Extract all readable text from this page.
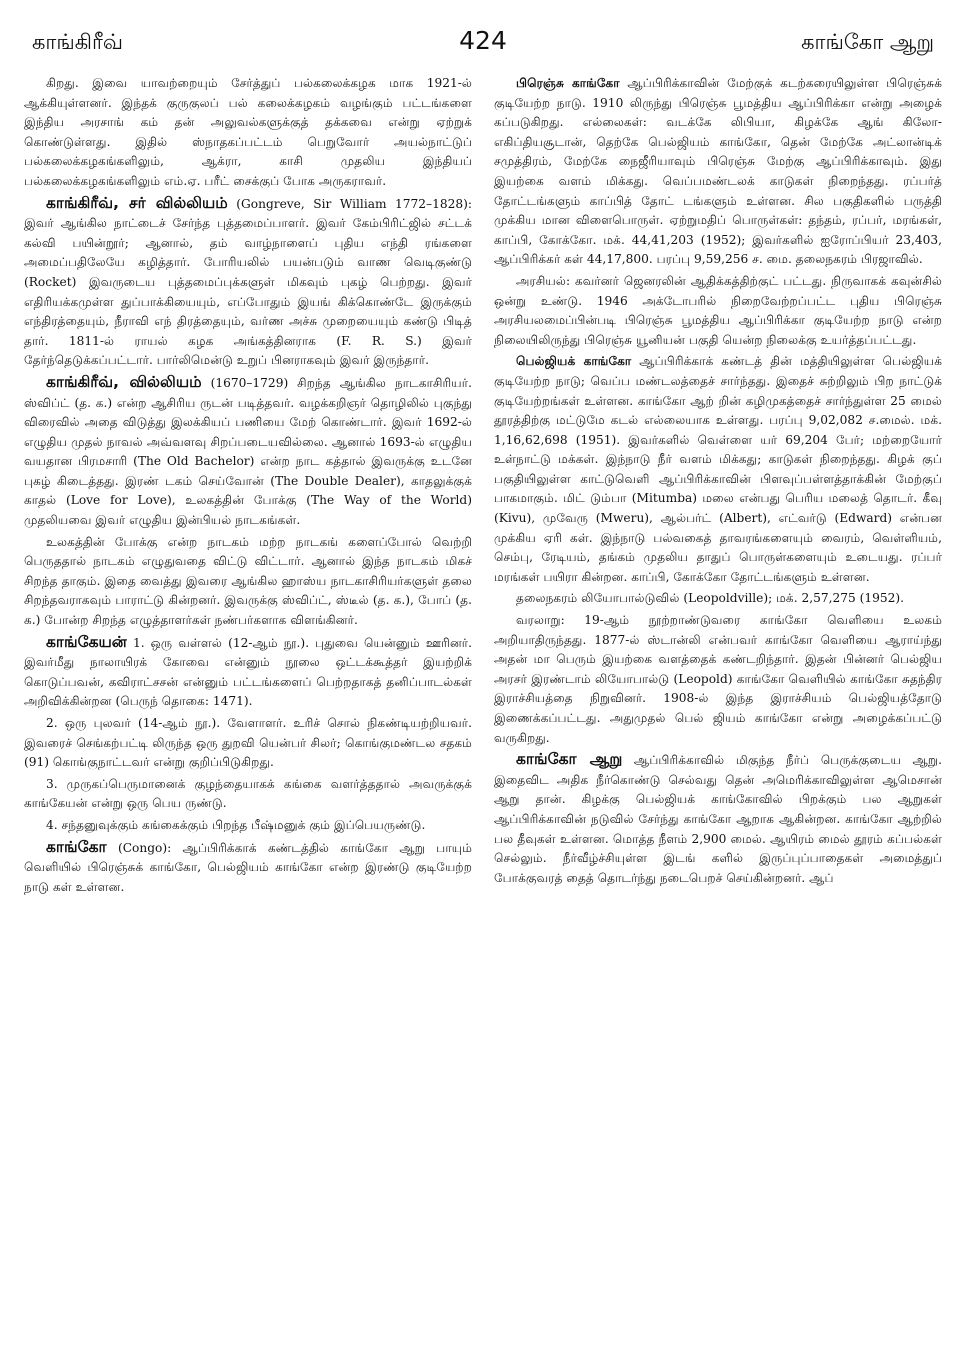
காங்கிரீவ்	424	காங்கோ ஆறு

கிறது. இவை யாவற்றையும் சேர்த்துப் பல்கலைக்கழக மாக 1921-ல் ஆக்கியுள்ளனர். இந்தக் குருகுலப் பல் கலைக்கழகம் வழங்கும் பட்டங்களை இந்திய அரசாங் கம் தன் அலுவல்களுக்குத் தக்கவை என்று ஏற்றுக் கொண்டுள்ளது. இதில் ஸ்நாதகப்பட்டம் பெறுவோர் அயல்நாட்டுப் பல்கலைக்கழகங்களிலும், ஆக்ரா, காசி முதலிய இந்தியப் பல்கலைக்கழகங்களிலும் எம்.ஏ. பரீட் சைக்குப் போக அருகராவர்.

காங்கிரீவ், சர் வில்லியம் (Gongreve, Sir William 1772–1828): இவர் ஆங்கில நாட்டைச் சேர்ந்த புத்தமைப்பாளர். இவர் கேம்பிரிட்ஜில் சட்டக் கல்வி பயின்றூர்; ஆனால், தம் வாழ்நாளைப் புதிய எந்தி ரங்களை அமைப்பதிலேயே கழித்தார். போரியலில் பயன்படும் வாண வெடிகுண்டு (Rocket) இவருடைய புத்தமைப்புக்களுள் மிகவும் புகழ் பெற்றது. இவர் எதிரியக்கமுள்ள துப்பாக்கியையும், எப்போதும் இயங் கிக்கொண்டே இருக்கும் எந்திரத்தையும், நீராவி எந் திரத்தையும், வர்ண அச்சு முறையையும் கண்டு பிடித் தார். 1811-ல் ராயல் கழக அங்கத்தினராக (F. R. S.) இவர் தேர்ந்தெடுக்கப்பட்டார். பார்லிமென்டு உறுப் பினராகவும் இவர் இருந்தார்.

காங்கிரீவ், வில்லியம் (1670–1729) சிறந்த ஆங்கில நாடகாசிரியர். ஸ்விப்ட் (த. க.) என்ற ஆசிரிய ருடன் படித்தவர். வழக்கறிஞர் தொழிலில் புகுந்து விரைவில் அதை விடுத்து இலக்கியப் பணியை மேற் கொண்டார். இவர் 1692-ல் எழுதிய முதல் நாவல் அவ்வளவு சிறப்படையவில்லை. ஆனால் 1693-ல் எழுதிய வயதான பிரமசாரி (The Old Bachelor) என்ற நாட கத்தால் இவருக்கு உடனே புகழ் கிடைத்தது. இரண் டகம் செய்வோன் (The Double Dealer), காதலுக்குக் காதல் (Love for Love), உலகத்தின் போக்கு (The Way of the World) முதலியவை இவர் எழுதிய இன்பியல் நாடகங்கள்.

உலகத்தின் போக்கு என்ற நாடகம் மற்ற நாடகங் களைப்போல் வெற்றி பெருததால் நாடகம் எழுதுவதை விட்டு விட்டார். ஆனால் இந்த நாடகம் மிகச் சிறந்த தாகும். இதை வைத்து இவரை ஆங்கில ஹாஸ்ய நாடகாசிரியர்களுள் தலை சிறந்தவராகவும் பாராட்டு கின்றனர். இவருக்கு ஸ்விப்ட், ஸ்டீல் (த. க.), போப் (த. க.) போன்ற சிறந்த எழுத்தாளர்கள் நண்பர்களாக விளங்கினர்.

காங்கேயன் 1. ஒரு வள்ளல் (12-ஆம் நூ.). புதுவை யென்னும் ஊரினர். இவர்மீது நாலாயிரக் கோவை என்னும் நூலை ஒட்டக்கூத்தர் இயற்றிக் கொடுப்பவன், கவிராட்சசன் என்னும் பட்டங்களைப் பெற்றதாகத் தனிப்பாடல்கள் அறிவிக்கின்றன (பெருந் தொகை: 1471).

2. ஒரு புலவர் (14-ஆம் நூ.). வேளாளர். உரிச் சொல் நிகண்டியற்றியவர். இவரைச் செங்கற்பட்டி லிருந்த ஒரு துறவி யென்பர் சிலர்; கொங்குமண்டல சதகம் (91) கொங்குநாட்டவர் என்று குறிப்பிடுகிறது.

3. முருகப்பெருமானைக் குழந்தையாகக் கங்கை வளர்த்ததால் அவருக்குக் காங்கேயன் என்று ஒரு பெய ருண்டு.

4. சந்தனுவுக்கும் கங்கைக்கும் பிறந்த பீஷ்மனுக் கும் இப்பெயருண்டு.

காங்கோ (Congo): ஆப்பிரிக்காக் கண்டத்தில் காங்கோ ஆறு பாயும் வெளியில் பிரெஞ்சுக் காங்கோ, பெல்ஜியம் காங்கோ என்ற இரண்டு குடியேற்ற நாடு கள் உள்ளன.

பிரெஞ்சு காங்கோ ஆப்பிரிக்காவின் மேற்குக் கடற்கரையிலுள்ள பிரெஞ்சுக் குடியேற்ற நாடு. 1910 லிருந்து பிரெஞ்சு பூமத்திய ஆப்பிரிக்கா என்று அழைக் கப்படுகிறது. எல்லைகள்: வடக்கே லிபியா, கிழக்கே ஆங் கிலோ-எகிப்தியசூடான், தெற்கே பெல்ஜியம் காங்கோ, தென் மேற்கே அட்லான்டிக் சமுத்திரம், மேற்கே நைஜீரியாவும் பிரெஞ்சு மேற்கு ஆப்பிரிக்காவும். இது இயற்கை வளம் மிக்கது. வெப்பமண்டலக் காடுகள் நிறைந்தது. ரப்பர்த் தோட்டங்களும் காப்பித் தோட் டங்களும் உள்ளன. சில பகுதிகளில் பருத்தி முக்கிய மான விளைபொருள். ஏற்றுமதிப் பொருள்கள்: தந்தம், ரப்பர், மரங்கள், காப்பி, கோக்கோ. மக். 44,41,203 (1952); இவர்களில் ஐரோப்பியர் 23,403, ஆப்பிரிக்கர் கள் 44,17,800. பரப்பு 9,59,256 ச. மை. தலைநகரம் பிரஜாவில்.

அரசியல்: கவர்னர் ஜெனரலின் ஆதிக்கத்திற்குட் பட்டது. நிருவாகக் கவுன்சில் ஒன்று உண்டு. 1946 அக்டோபரில் நிறைவேற்றப்பட்ட புதிய பிரெஞ்சு அரசியலமைப்பின்படி பிரெஞ்சு பூமத்திய ஆப்பிரிக்கா குடியேற்ற நாடு என்ற நிலையிலிருந்து பிரெஞ்சு யூனியன் பகுதி யென்ற நிலைக்கு உயர்த்தப்பட்டது.

பெல்ஜியக் காங்கோ ஆப்பிரிக்காக் கண்டத் தின் மத்தியிலுள்ள பெல்ஜியக் குடியேற்ற நாடு; வெப்ப மண்டலத்தைச் சார்ந்தது. இதைச் சுற்றிலும் பிற நாட்டுக் குடியேற்றங்கள் உள்ளன. காங்கோ ஆற் றின் கழிமுகத்தைச் சார்ந்துள்ள 25 மைல் தூரத்திற்கு மட்டுமே கடல் எல்லையாக உள்ளது. பரப்பு 9,02,082 ச.மைல். மக். 1,16,62,698 (1951). இவர்களில் வெள்ளை யர் 69,204 பேர்; மற்றையோர் உள்நாட்டு மக்கள். இந்நாடு நீர் வளம் மிக்கது; காடுகள் நிறைந்தது. கிழக் குப் பகுதியிலுள்ள காட்டுவெளி ஆப்பிரிக்காவின் பிளவுப்பள்ளத்தாக்கின் மேற்குப் பாகமாகும். மிட் டும்பா (Mitumba) மலை என்பது பெரிய மலைத் தொடர். கீவு (Kivu), முவேரு (Mweru), ஆல்பர்ட் (Albert), எட்வர்டு (Edward) என்பன முக்கிய ஏரி கள். இந்நாடு பல்வகைத் தாவரங்களையும் வைரம், வெள்ளியம், செம்பு, ரேடியம், தங்கம் முதலிய தாதுப் பொருள்களையும் உடையது. ரப்பர் மரங்கள் பயிரா கின்றன. காப்பி, கோக்கோ தோட்டங்களும் உள்ளன.

தலைநகரம் லியோபால்டுவில் (Leopoldville); மக். 2,57,275 (1952).

வரலாறு: 19-ஆம் நூற்றாண்டுவரை காங்கோ வெளியை உலகம் அறியாதிருந்தது. 1877-ல் ஸ்டான்லி என்பவர் காங்கோ வெளியை ஆராய்ந்து அதன் மா பெரும் இயற்கை வளத்தைக் கண்டறிந்தார். இதன் பின்னர் பெல்ஜிய அரசர் இரண்டாம் லியோபால்டு (Leopold) காங்கோ வெளியில் காங்கோ சுதந்திர இராச்சியத்தை நிறுவினர். 1908-ல் இந்த இராச்சியம் பெல்ஜியத்தோடு இணைக்கப்பட்டது. அதுமுதல் பெல் ஜியம் காங்கோ என்று அழைக்கப்பட்டு வருகிறது.

காங்கோ ஆறு ஆப்பிரிக்காவில் மிகுந்த நீர்ப் பெருக்குடைய ஆறு. இதைவிட அதிக நீர்கொண்டு செல்வது தென் அமெரிக்காவிலுள்ள ஆமெசான் ஆறு தான். கிழக்கு பெல்ஜியக் காங்கோவில் பிறக்கும் பல ஆறுகள் ஆப்பிரிக்காவின் நடுவில் சேர்ந்து காங்கோ ஆறாக ஆகின்றன. காங்கோ ஆற்றில் பல தீவுகள் உள்ளன. மொத்த நீளம் 2,900 மைல். ஆயிரம் மைல் தூரம் கப்பல்கள் செல்லும். நீர்வீழ்ச்சியுள்ள இடங் களில் இருப்புப்பாதைகள் அமைத்துப் போக்குவரத் தைத் தொடர்ந்து நடைபெறச் செய்கின்றனர். ஆப்
